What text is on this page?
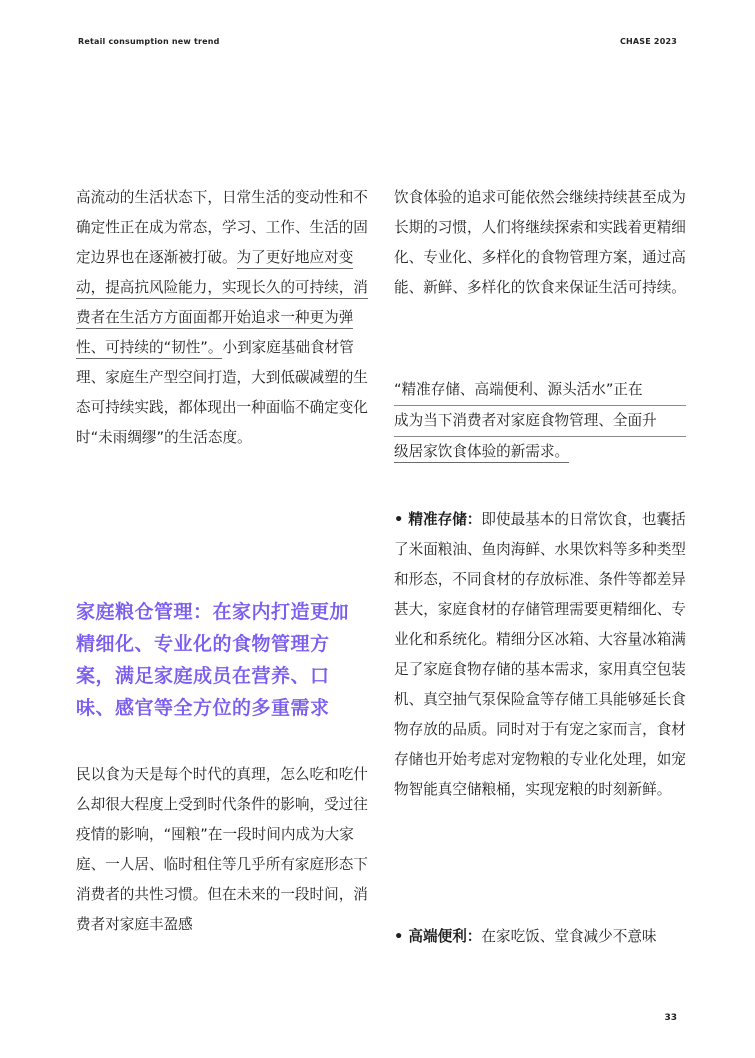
Retail consumption new trend	CHASE 2023

高流动的生活状态下，日常生活的变动性和不确定性正在成为常态，学习、工作、生活的固定边界也在逐渐被打破。为了更好地应对变动，提高抗风险能力，实现长久的可持续，消费者在生活方方面面都开始追求一种更为弹性、可持续的“韧性”。小到家庭基础食材管理、家庭生产型空间打造，大到低碳减塑的生态可持续实践，都体现出一种面临不确定变化时“未雨绸缪”的生活态度。

家庭粮仓管理：在家内打造更加精细化、专业化的食物管理方案，满足家庭成员在营养、口味、感官等全方位的多重需求

民以食为天是每个时代的真理，怎么吃和吃什么却很大程度上受到时代条件的影响，受过往疫情的影响，“囤粮”在一段时间内成为大家庭、一人居、临时租住等几乎所有家庭形态下消费者的共性习惯。但在未来的一段时间，消费者对家庭丰盈感

饮食体验的追求可能依然会继续持续甚至成为长期的习惯，人们将继续探索和实践着更精细化、专业化、多样化的食物管理方案，通过高能、新鲜、多样化的饮食来保证生活可持续。

“精准存储、高端便利、源头活水”正在
成为当下消费者对家庭食物管理、全面升
级居家饮食体验的新需求。

• 精准存储：即使最基本的日常饮食，也囊括了米面粮油、鱼肉海鲜、水果饮料等多种类型和形态，不同食材的存放标准、条件等都差异甚大，家庭食材的存储管理需要更精细化、专业化和系统化。精细分区冰箱、大容量冰箱满足了家庭食物存储的基本需求，家用真空包装机、真空抽气泵保险盒等存储工具能够延长食物存放的品质。同时对于有宠之家而言，食材存储也开始考虑对宠物粮的专业化处理，如宠物智能真空储粮桶，实现宠粮的时刻新鲜。

• 高端便利：在家吃饭、堂食减少不意味

33
